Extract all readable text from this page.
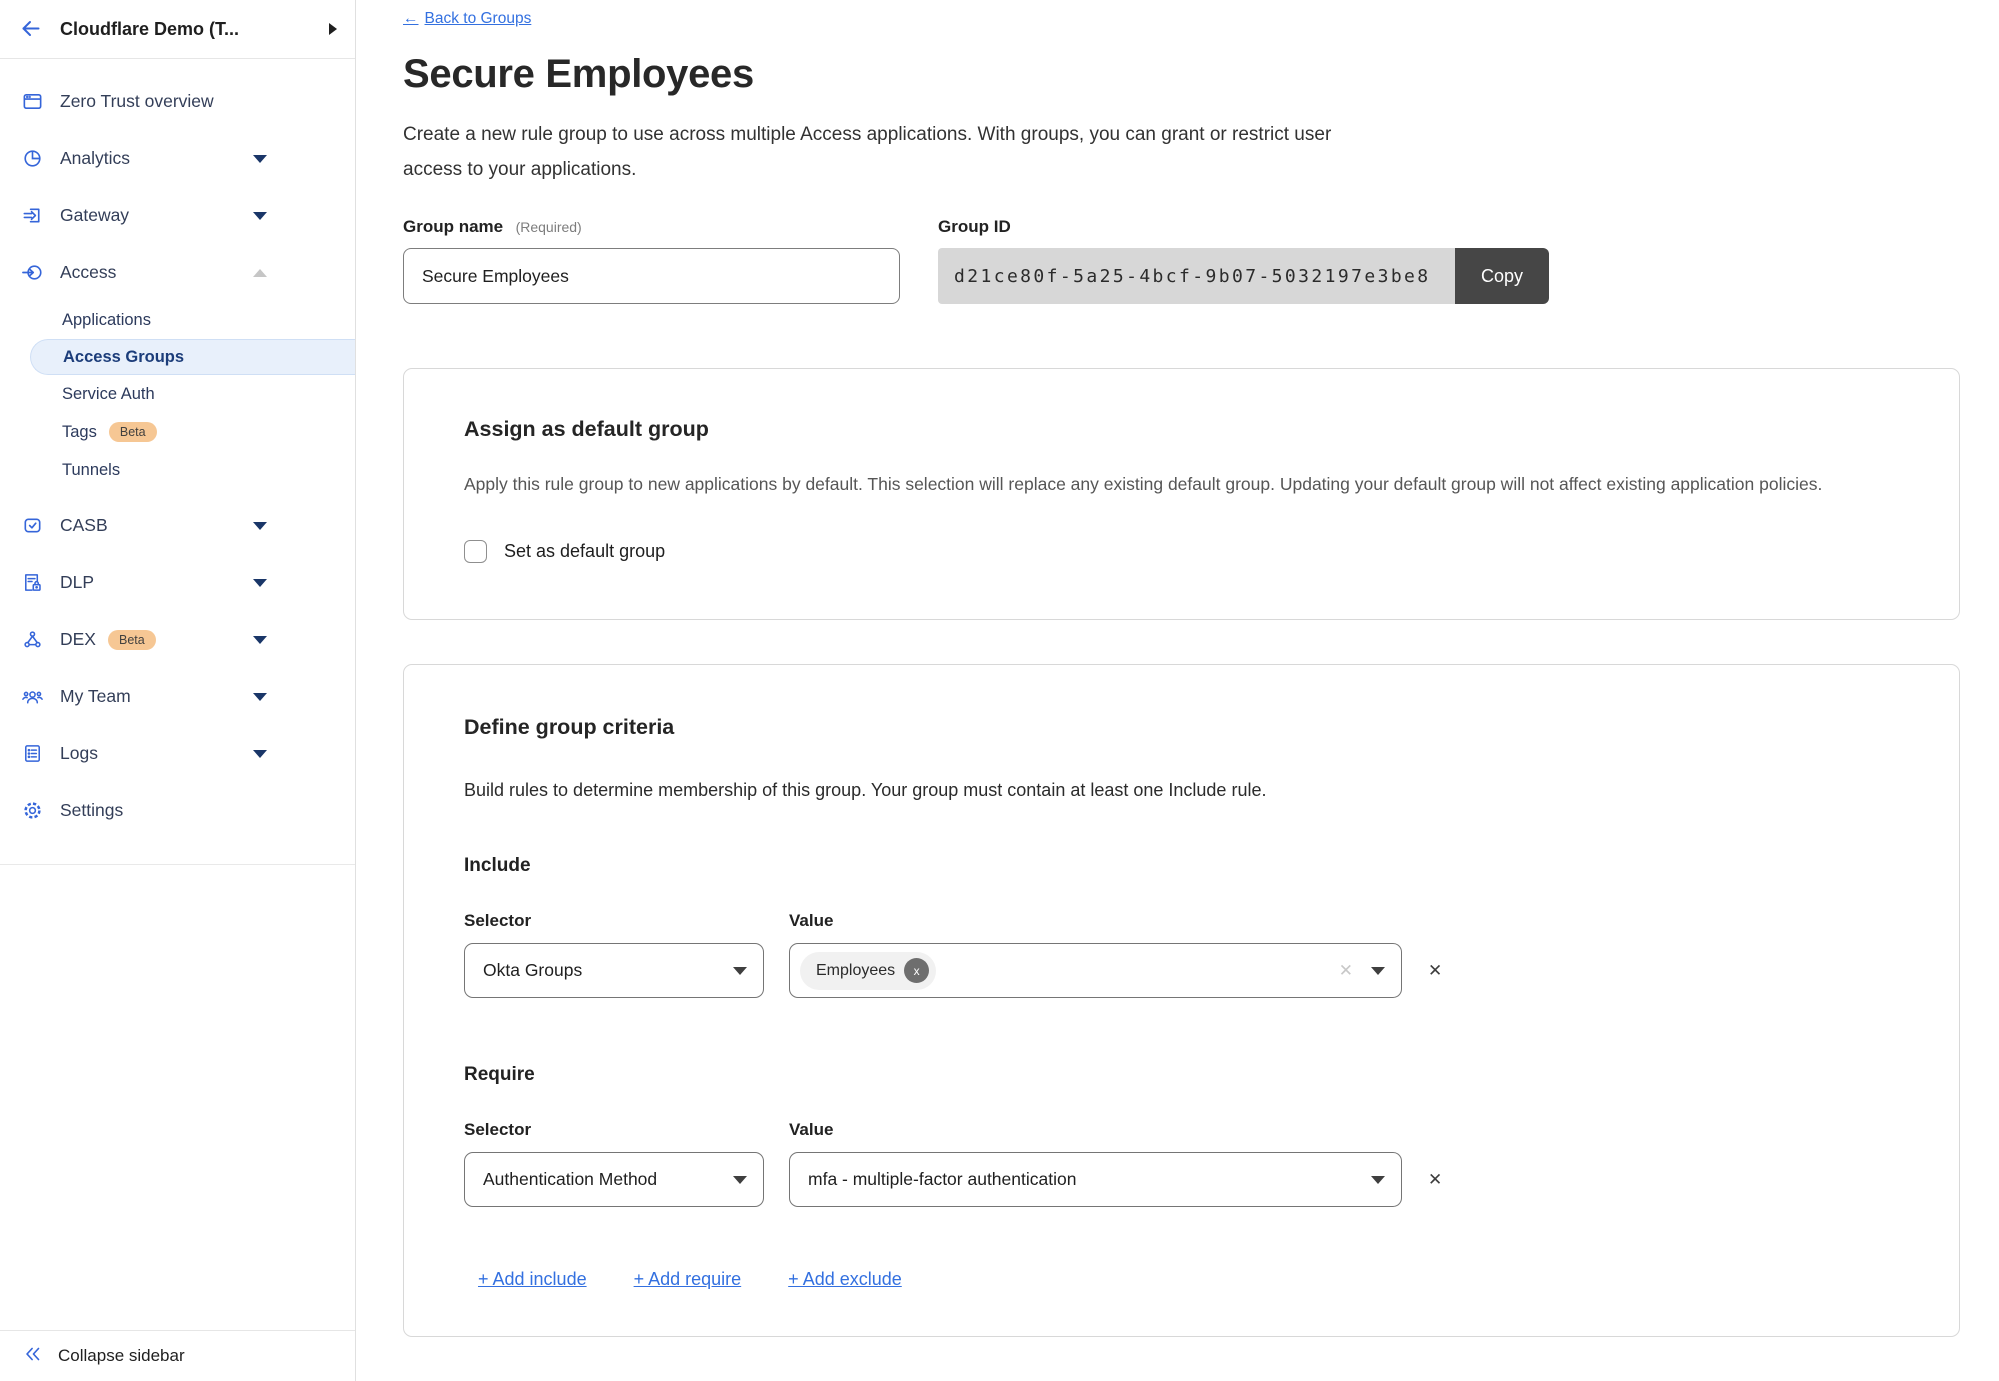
Cloudflare Demo (T...
Zero Trust overview
Analytics
Gateway
Access
Applications
Access Groups
Service Auth
Tags	Beta
Tunnels
CASB
DLP
DEX	Beta
My Team
Logs
Settings
Collapse sidebar
← Back to Groups
Secure Employees

Create a new rule group to use across multiple Access applications. With groups, you can grant or restrict user access to your applications.

Group name (Required)
Secure Employees	Group ID
d21ce80f-5a25-4bcf-9b07-5032197e3be8	Copy
Assign as default group

Apply this rule group to new applications by default. This selection will replace any existing default group. Updating your default group will not affect existing application policies.

Set as default group
Define group criteria

Build rules to determine membership of this group. Your group must contain at least one Include rule.

Include
Selector	Value
Okta Groups	Employees	x	✕	✕
Require
Selector	Value
Authentication Method	mfa - multiple-factor authentication	✕
+ Add include	+ Add require	+ Add exclude
